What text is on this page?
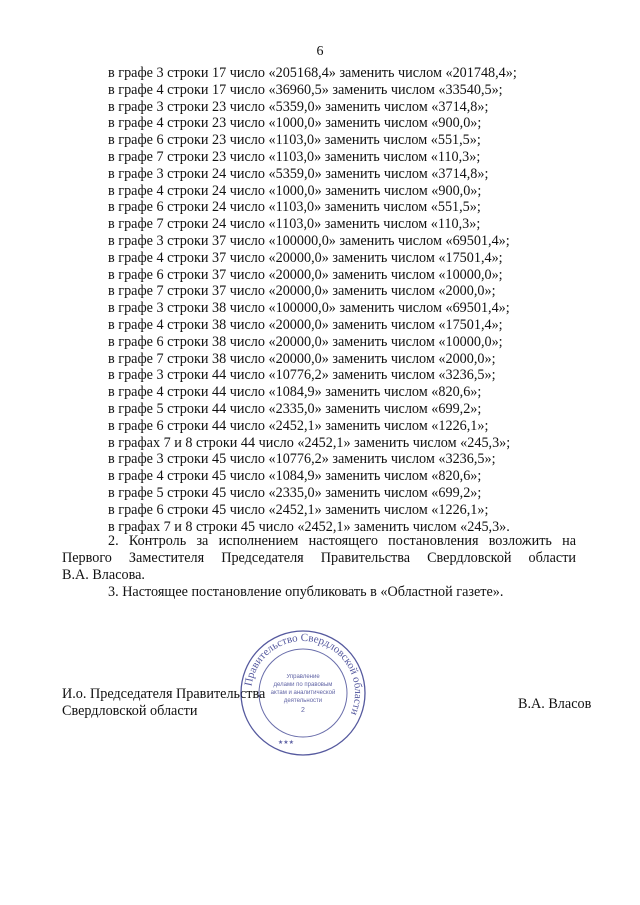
6
в графе 3 строки 17 число «205168,4» заменить числом «201748,4»;
в графе 4 строки 17 число «36960,5» заменить числом «33540,5»;
в графе 3 строки 23 число «5359,0» заменить числом «3714,8»;
в графе 4 строки 23 число «1000,0» заменить числом «900,0»;
в графе 6 строки 23 число «1103,0» заменить числом «551,5»;
в графе 7 строки 23 число «1103,0» заменить числом «110,3»;
в графе 3 строки 24 число «5359,0» заменить числом «3714,8»;
в графе 4 строки 24 число «1000,0» заменить числом «900,0»;
в графе 6 строки 24 число «1103,0» заменить числом «551,5»;
в графе 7 строки 24 число «1103,0» заменить числом «110,3»;
в графе 3 строки 37 число «100000,0» заменить числом «69501,4»;
в графе 4 строки 37 число «20000,0» заменить числом «17501,4»;
в графе 6 строки 37 число «20000,0» заменить числом «10000,0»;
в графе 7 строки 37 число «20000,0» заменить числом «2000,0»;
в графе 3 строки 38 число «100000,0» заменить числом «69501,4»;
в графе 4 строки 38 число «20000,0» заменить числом «17501,4»;
в графе 6 строки 38 число «20000,0» заменить числом «10000,0»;
в графе 7 строки 38 число «20000,0» заменить числом «2000,0»;
в графе 3 строки 44 число «10776,2» заменить числом «3236,5»;
в графе 4 строки 44 число «1084,9» заменить числом «820,6»;
в графе 5 строки 44 число «2335,0» заменить числом «699,2»;
в графе 6 строки 44 число «2452,1» заменить числом «1226,1»;
в графах 7 и 8 строки 44 число «2452,1» заменить числом «245,3»;
в графе 3 строки 45 число «10776,2» заменить числом «3236,5»;
в графе 4 строки 45 число «1084,9» заменить числом «820,6»;
в графе 5 строки 45 число «2335,0» заменить числом «699,2»;
в графе 6 строки 45 число «2452,1» заменить числом «1226,1»;
в графах 7 и 8 строки 45 число «2452,1» заменить числом «245,3».
2. Контроль за исполнением настоящего постановления возложить на
Первого Заместителя Председателя Правительства Свердловской области
В.А. Власова.
3. Настоящее постановление опубликовать в «Областной газете».
И.о. Председателя Правительства
Свердловской области	В.А. Власов
Правительство Свердловской области
Управление
делами по правовым
актам и аналитической
деятельности
2
★★★
